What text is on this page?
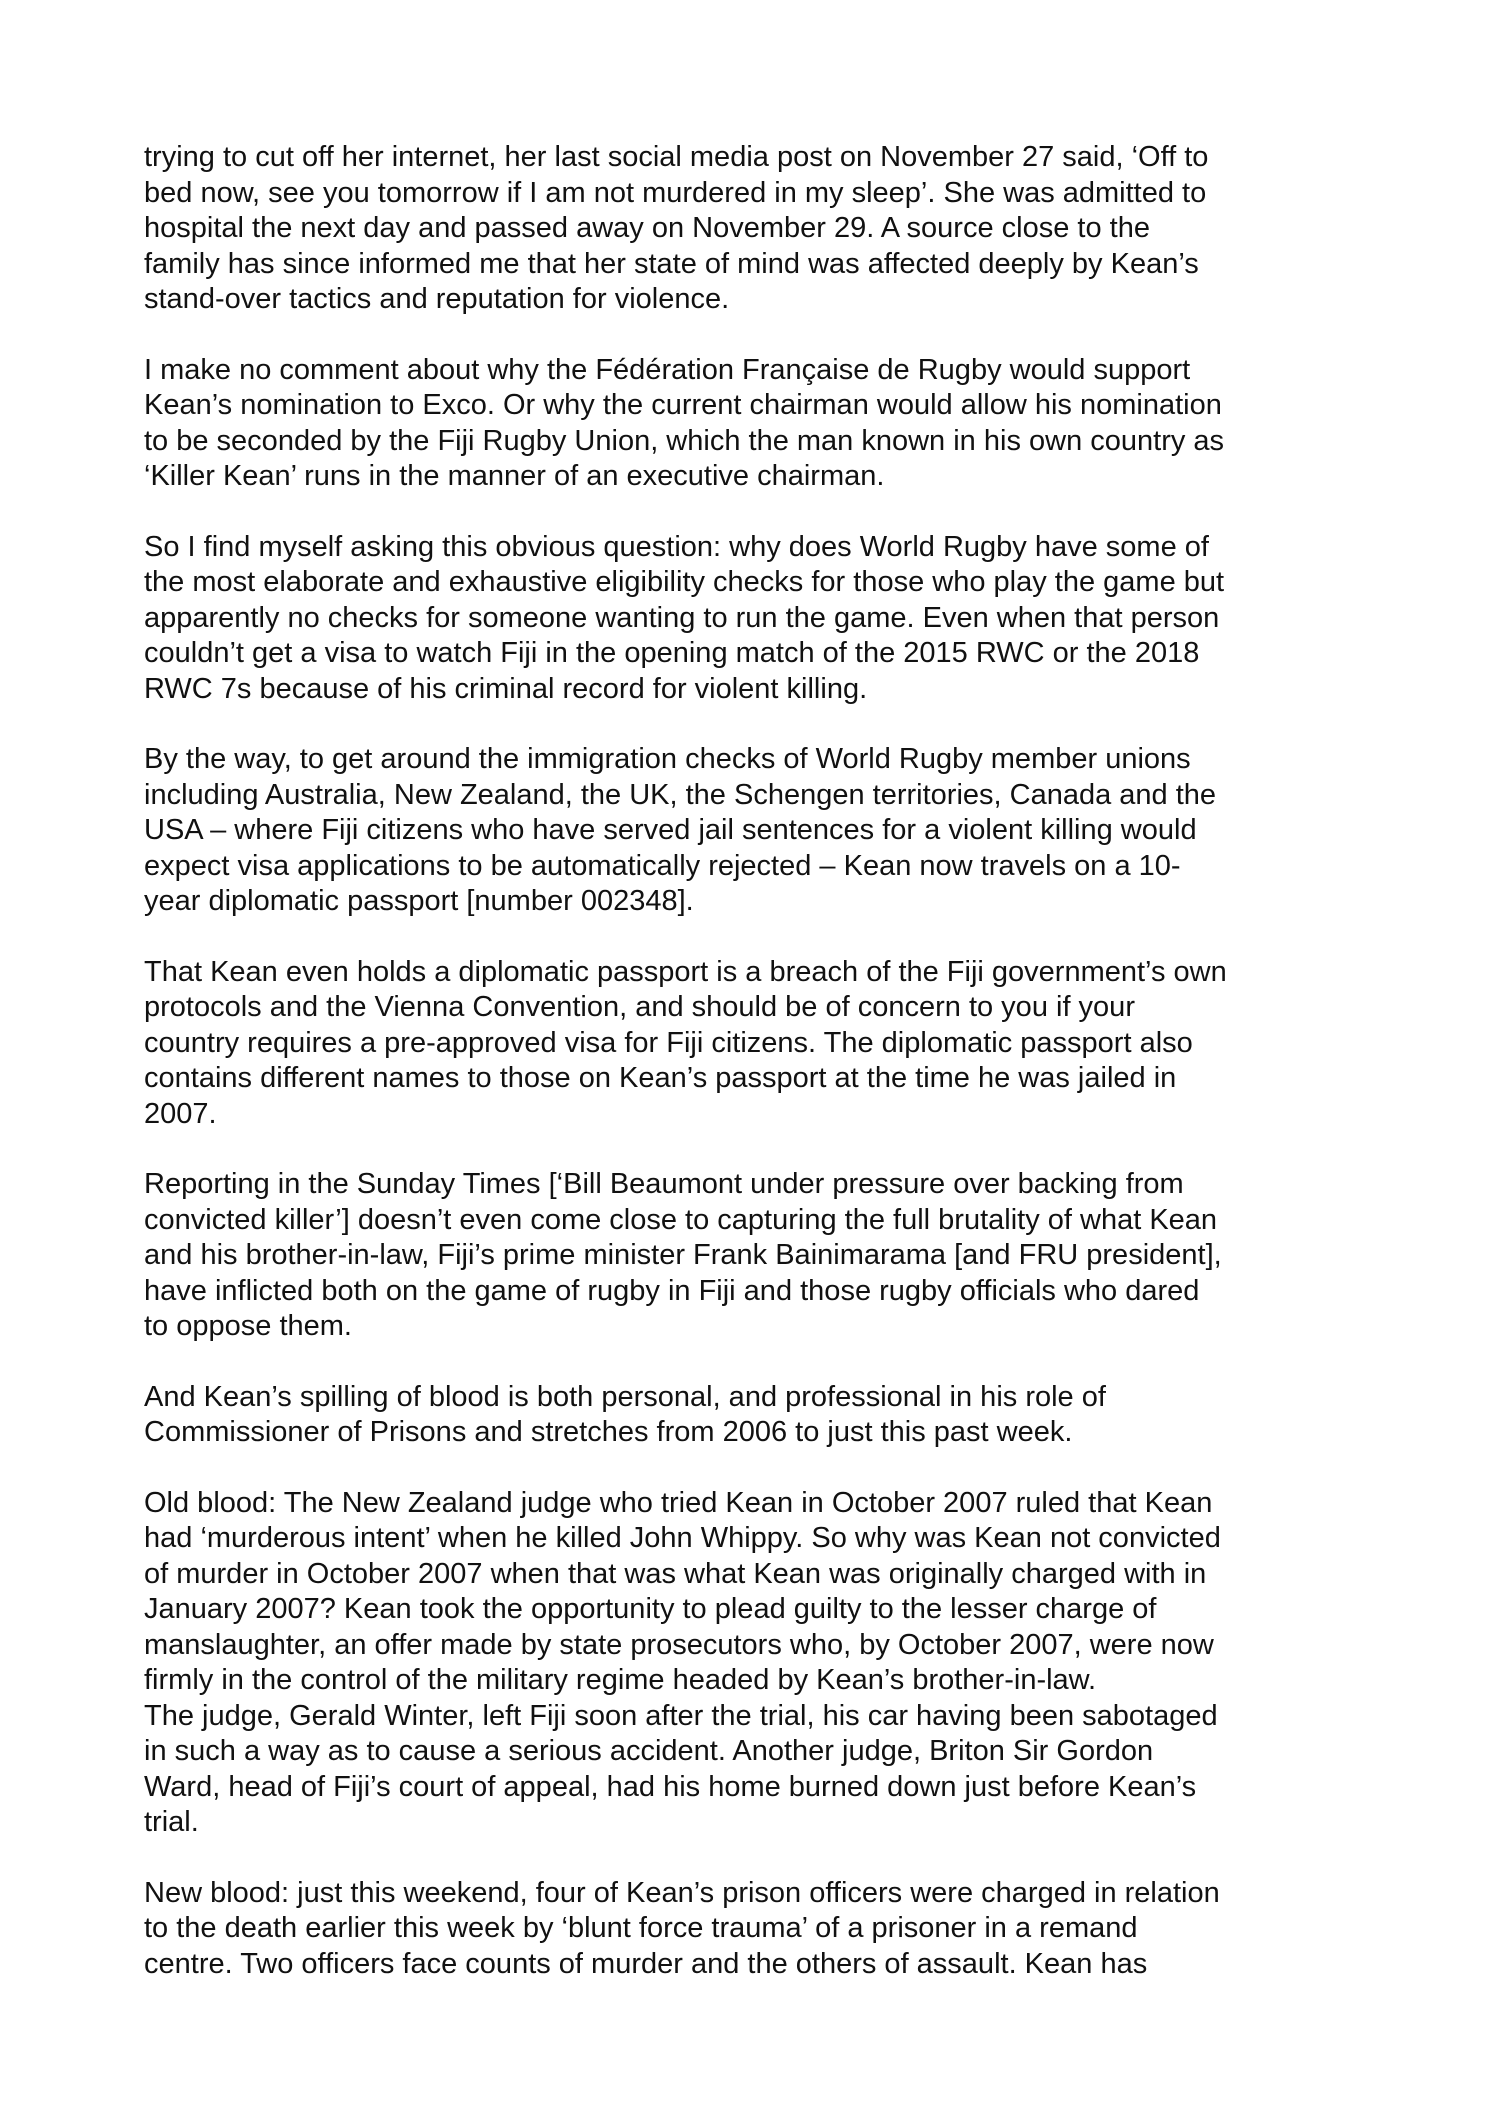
trying to cut off her internet, her last social media post on November 27 said, ‘Off to
bed now, see you tomorrow if I am not murdered in my sleep’. She was admitted to
hospital the next day and passed away on November 29. A source close to the
family has since informed me that her state of mind was affected deeply by Kean’s
stand-over tactics and reputation for violence.

I make no comment about why the Fédération Française de Rugby would support
Kean’s nomination to Exco. Or why the current chairman would allow his nomination
to be seconded by the Fiji Rugby Union, which the man known in his own country as
‘Killer Kean’ runs in the manner of an executive chairman.

So I find myself asking this obvious question: why does World Rugby have some of
the most elaborate and exhaustive eligibility checks for those who play the game but
apparently no checks for someone wanting to run the game. Even when that person
couldn’t get a visa to watch Fiji in the opening match of the 2015 RWC or the 2018
RWC 7s because of his criminal record for violent killing.

By the way, to get around the immigration checks of World Rugby member unions
including Australia, New Zealand, the UK, the Schengen territories, Canada and the
USA – where Fiji citizens who have served jail sentences for a violent killing would
expect visa applications to be automatically rejected – Kean now travels on a 10-
year diplomatic passport [number 002348].

That Kean even holds a diplomatic passport is a breach of the Fiji government’s own
protocols and the Vienna Convention, and should be of concern to you if your
country requires a pre-approved visa for Fiji citizens. The diplomatic passport also
contains different names to those on Kean’s passport at the time he was jailed in
2007.

Reporting in the Sunday Times [‘Bill Beaumont under pressure over backing from
convicted killer’] doesn’t even come close to capturing the full brutality of what Kean
and his brother-in-law, Fiji’s prime minister Frank Bainimarama [and FRU president],
have inflicted both on the game of rugby in Fiji and those rugby officials who dared
to oppose them.

And Kean’s spilling of blood is both personal, and professional in his role of
Commissioner of Prisons and stretches from 2006 to just this past week.

Old blood: The New Zealand judge who tried Kean in October 2007 ruled that Kean
had ‘murderous intent’ when he killed John Whippy. So why was Kean not convicted
of murder in October 2007 when that was what Kean was originally charged with in
January 2007? Kean took the opportunity to plead guilty to the lesser charge of
manslaughter, an offer made by state prosecutors who, by October 2007, were now
firmly in the control of the military regime headed by Kean’s brother-in-law.
The judge, Gerald Winter, left Fiji soon after the trial, his car having been sabotaged
in such a way as to cause a serious accident. Another judge, Briton Sir Gordon
Ward, head of Fiji’s court of appeal, had his home burned down just before Kean’s
trial.

New blood: just this weekend, four of Kean’s prison officers were charged in relation
to the death earlier this week by ‘blunt force trauma’ of a prisoner in a remand
centre. Two officers face counts of murder and the others of assault. Kean has
